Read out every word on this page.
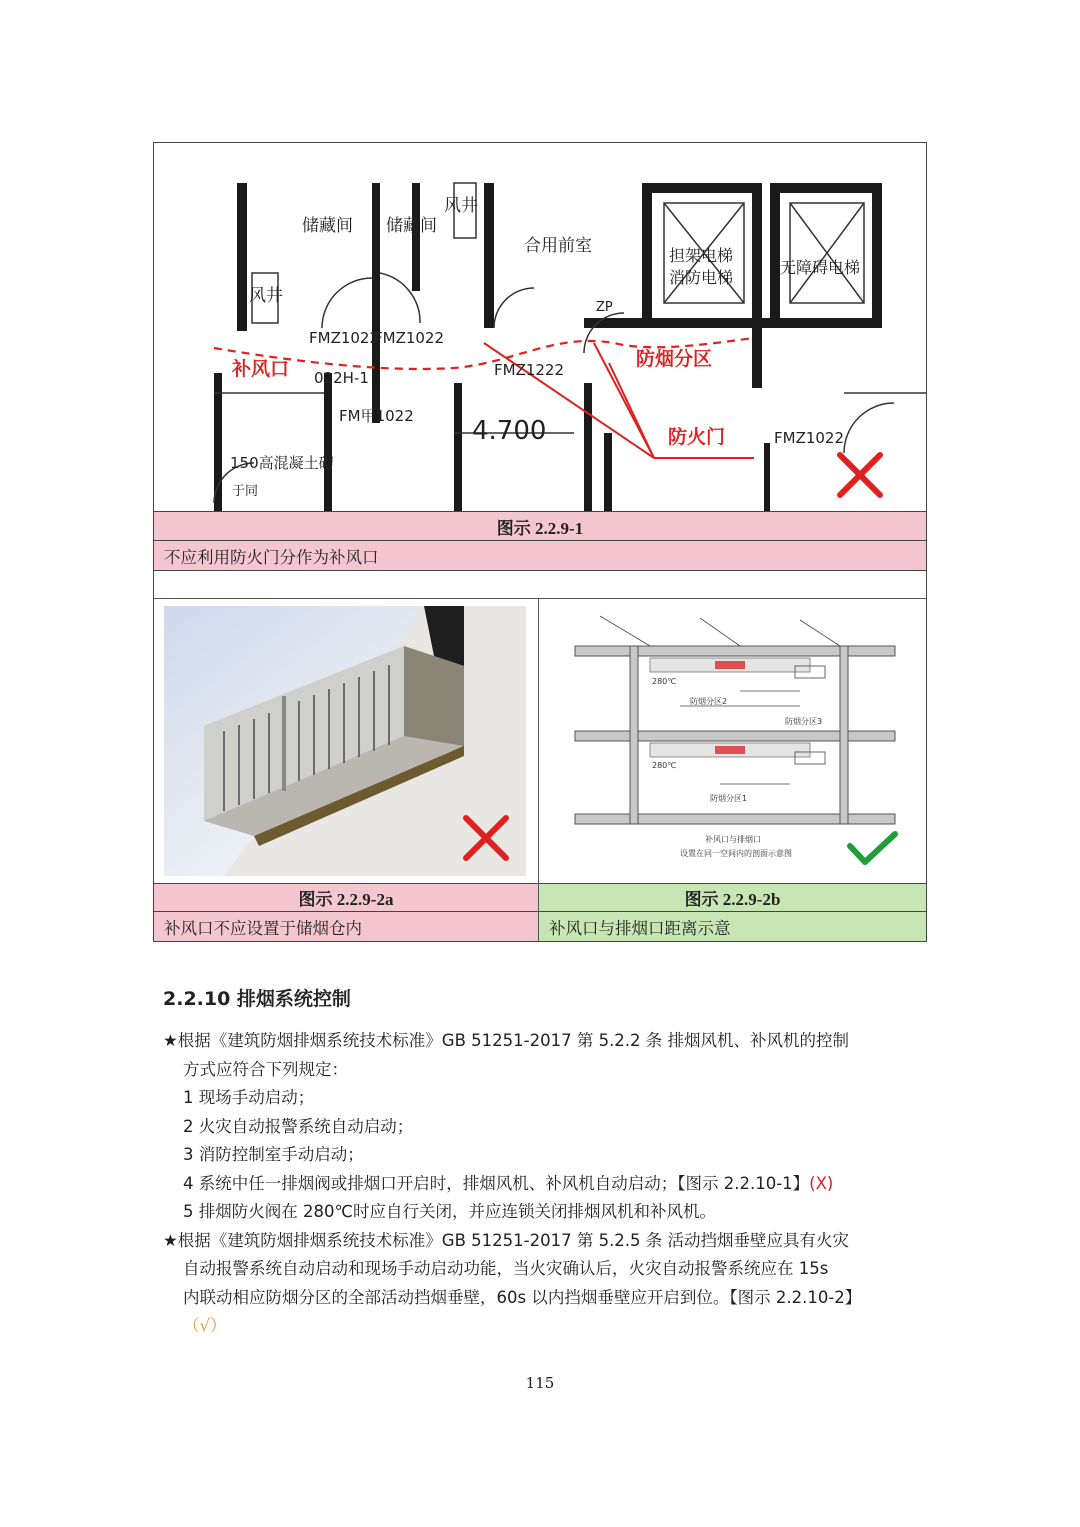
储藏间 储藏间
风井
风井
合用前室	担架电梯
消防电梯
无障碍电梯
FMZ1022
FMZ1022
FMZ1222
022H-1
FM甲1022 4.700	FMZ1022
150高混凝土砌
于同
ZP
补风口	防烟分区
防火门
图示 2.2.9-1
不应利用防火门分作为补风口
防烟分区2
防烟分区3
防烟分区1
280℃
280℃
补风口与排烟口
设置在同一空间内的剖面示意图
图示 2.2.9-2a	图示 2.2.9-2b
补风口不应设置于储烟仓内	补风口与排烟口距离示意
2.2.10 排烟系统控制

★根据《建筑防烟排烟系统技术标准》GB 51251-2017 第 5.2.2 条 排烟风机、补风机的控制

方式应符合下列规定：

1 现场手动启动；

2 火灾自动报警系统自动启动；

3 消防控制室手动启动；

4 系统中任一排烟阀或排烟口开启时，排烟风机、补风机自动启动；【图示 2.2.10-1】(X)

5 排烟防火阀在 280℃时应自行关闭，并应连锁关闭排烟风机和补风机。

★根据《建筑防烟排烟系统技术标准》GB 51251-2017 第 5.2.5 条 活动挡烟垂壁应具有火灾

自动报警系统自动启动和现场手动启动功能，当火灾确认后，火灾自动报警系统应在 15s

内联动相应防烟分区的全部活动挡烟垂壁，60s 以内挡烟垂壁应开启到位。【图示 2.2.10-2】

（√）

115
